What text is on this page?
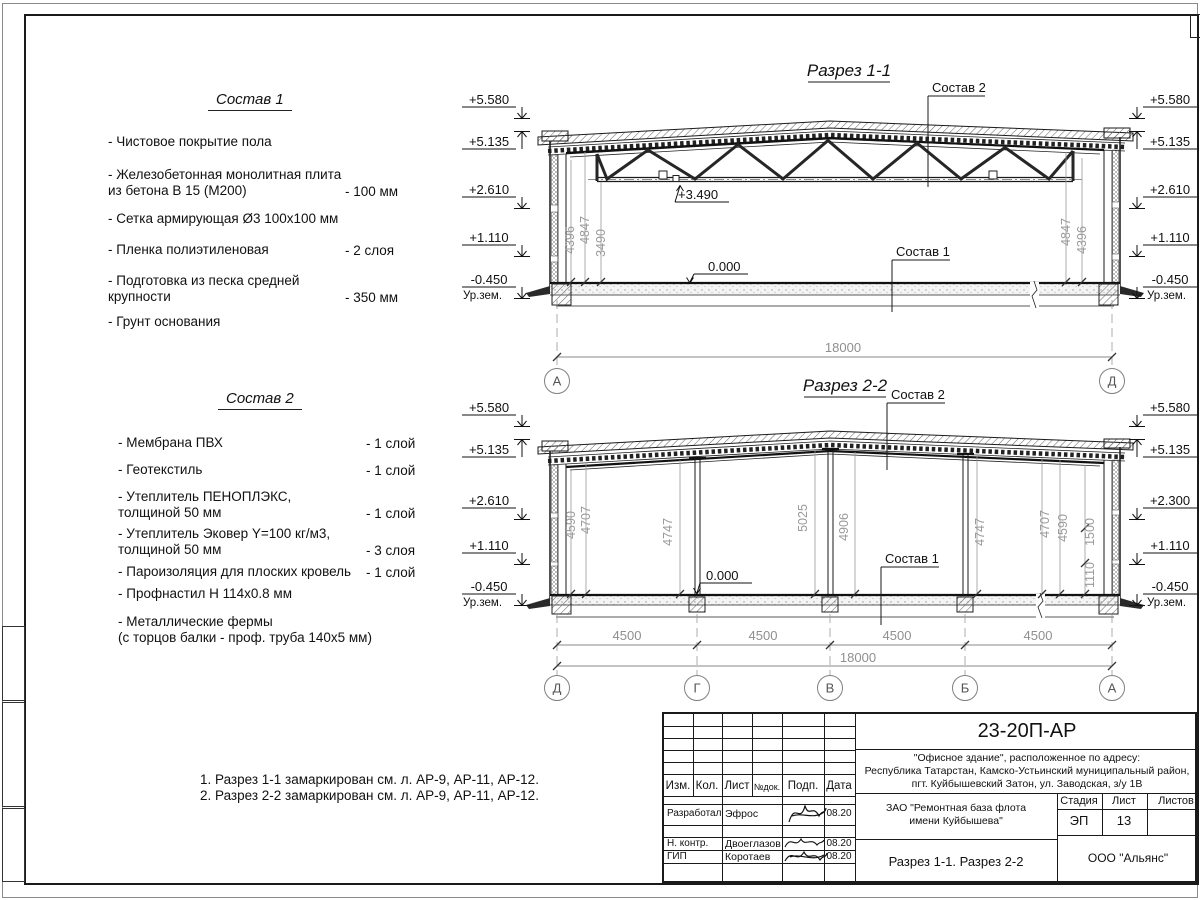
Состав 1
- Чистовое покрытие пола
- Железобетонная монолитная плита
из бетона В 15 (М200)	- 100 мм
- Сетка армирующая Ø3 100х100 мм
- Пленка полиэтиленовая	- 2 слоя
- Подготовка из песка средней
крупности	- 350 мм
- Грунт основания
Состав 2
- Мембрана ПВХ	- 1 слой
- Геотекстиль	- 1 слой
- Утеплитель ПЕНОПЛЭКС,
толщиной 50 мм	- 1 слой
- Утеплитель Эковер Y=100 кг/м3,
толщиной 50 мм	- 3 слоя
- Пароизоляция для плоских кровель	- 1 слой
- Профнастил Н 114х0.8 мм
- Металлические фермы
(с торцов балки - проф. труба 140х5 мм)
Разрез 1-1
Состав 2
Состав 1
+3.490
0.000
4396 4847 3490	4847 4396
18000
А	Д
+5.580
+5.135
+2.610
+1.110
-0.450
Ур.зем.
+5.580
+5.135
+2.610
+1.110
-0.450
Ур.зем.
Разрез 2-2 Состав 2
Состав 1
0.000
4590 4707	4747
5025 4906	4747	4707 4590 1500
1110
4500	4500	4500	4500
18000
Д	Г	В	Б	А
+5.580
+5.135
+2.610
+1.110
-0.450
Ур.зем.
+5.580
+5.135
+2.300
+1.110
-0.450
Ур.зем.
1. Разрез 1-1 замаркирован см. л. АР-9, АР-11, АР-12.
2. Разрез 2-2 замаркирован см. л. АР-9, АР-11, АР-12.
23-20П-АР
"Офисное здание", расположенное по адресу:
Республика Татарстан, Камско-Устьинский муниципальный район,
пгт. Куйбышевский Затон, ул. Заводская, з/у 1В
Изм. Кол. Лист №док. Подп. Дата
Разработал Эфрос	08.20
Н. контр. Двоеглазов	08.20
ГИП	Коротаев	08.20
ЗАО "Ремонтная база флота
имени Куйбышева"
Разрез 1-1. Разрез 2-2
Стадия Лист Листов
ЭП 13
ООО "Альянс"
